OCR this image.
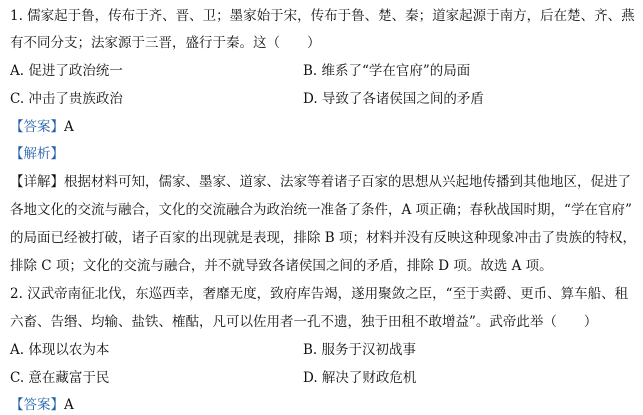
1. 儒家起于鲁，传布于齐、晋、卫；墨家始于宋，传布于鲁、楚、秦；道家起源于南方，后在楚、齐、燕
有不同分支；法家源于三晋，盛行于秦。这（　　）
A. 促进了政治统一	B. 维系了“学在官府”的局面
C. 冲击了贵族政治	D. 导致了各诸侯国之间的矛盾
【答案】A
【解析】
【详解】根据材料可知，儒家、墨家、道家、法家等着诸子百家的思想从兴起地传播到其他地区，促进了
各地文化的交流与融合，文化的交流融合为政治统一准备了条件，A 项正确；春秋战国时期，“学在官府”
的局面已经被打破，诸子百家的出现就是表现，排除 B 项；材料并没有反映这种现象冲击了贵族的特权，
排除 C 项；文化的交流与融合，并不就导致各诸侯国之间的矛盾，排除 D 项。故选 A 项。
2. 汉武帝南征北伐，东巡西幸，奢靡无度，致府库告竭，遂用聚敛之臣，“至于卖爵、更币、算车船、租
六畜、告缗、均输、盐铁、榷酤，凡可以佐用者一孔不遗，独于田租不敢增益”。武帝此举（　　）
A. 体现以农为本	B. 服务于汉初战事
C. 意在藏富于民	D. 解决了财政危机
【答案】A
